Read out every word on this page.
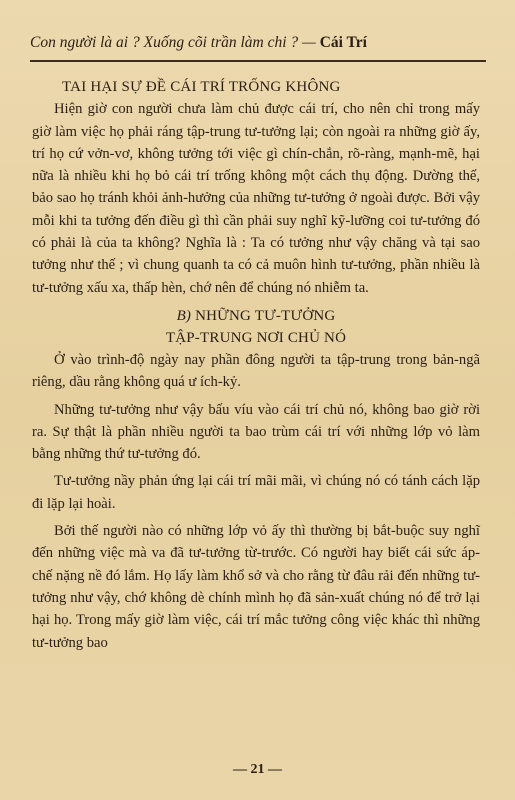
Con người là ai ? Xuống cõi trần làm chi ? — Cái Trí
TAI HẠI SỰ ĐỀ CÁI TRÍ TRỐNG KHÔNG

Hiện giờ con người chưa làm chủ được cái trí, cho nên chỉ trong mấy giờ làm việc họ phải ráng tập-trung tư-tưởng lại; còn ngoài ra những giờ ấy, trí họ cứ vởn-vơ, không tưởng tới việc gì chín-chắn, rõ-ràng, mạnh-mẽ, hại nữa là nhiều khi họ bỏ cái trí trống không một cách thụ động. Dường thế, bảo sao họ tránh khỏi ảnh-hưởng của những tư-tưởng ở ngoài được. Bởi vậy mỗi khi ta tưởng đến điều gì thì cần phải suy nghĩ kỹ-lưỡng coi tư-tưởng đó có phải là của ta không? Nghĩa là : Ta có tưởng như vậy chăng và tại sao tưởng như thế ; vì chung quanh ta có cả muôn hình tư-tưởng, phần nhiều là tư-tưởng xấu xa, thấp hèn, chớ nên để chúng nó nhiễm ta.

B) NHỮNG TƯ-TƯỞNG
TẬP-TRUNG NƠI CHỦ NÓ

Ở vào trình-độ ngày nay phần đông người ta tập-trung trong bản-ngã riêng, dầu rằng không quá ư ích-kỷ.

Những tư-tưởng như vậy bấu víu vào cái trí chủ nó, không bao giờ rời ra. Sự thật là phần nhiều người ta bao trùm cái trí với những lớp vỏ làm bằng những thứ tư-tưởng đó.

Tư-tưởng nầy phản ứng lại cái trí mãi mãi, vì chúng nó có tánh cách lặp đi lặp lại hoài.

Bởi thế người nào có những lớp vỏ ấy thì thường bị bắt-buộc suy nghĩ đến những việc mà va đã tư-tưởng từ-trước. Có người hay biết cái sức áp-chế nặng nề đó lắm. Họ lấy làm khổ sở và cho rằng từ đâu rải đến những tư-tưởng như vậy, chớ không dè chính mình họ đã sản-xuất chúng nó để trở lại hại họ. Trong mấy giờ làm việc, cái trí mắc tưởng công việc khác thì những tư-tưởng bao

— 21 —
